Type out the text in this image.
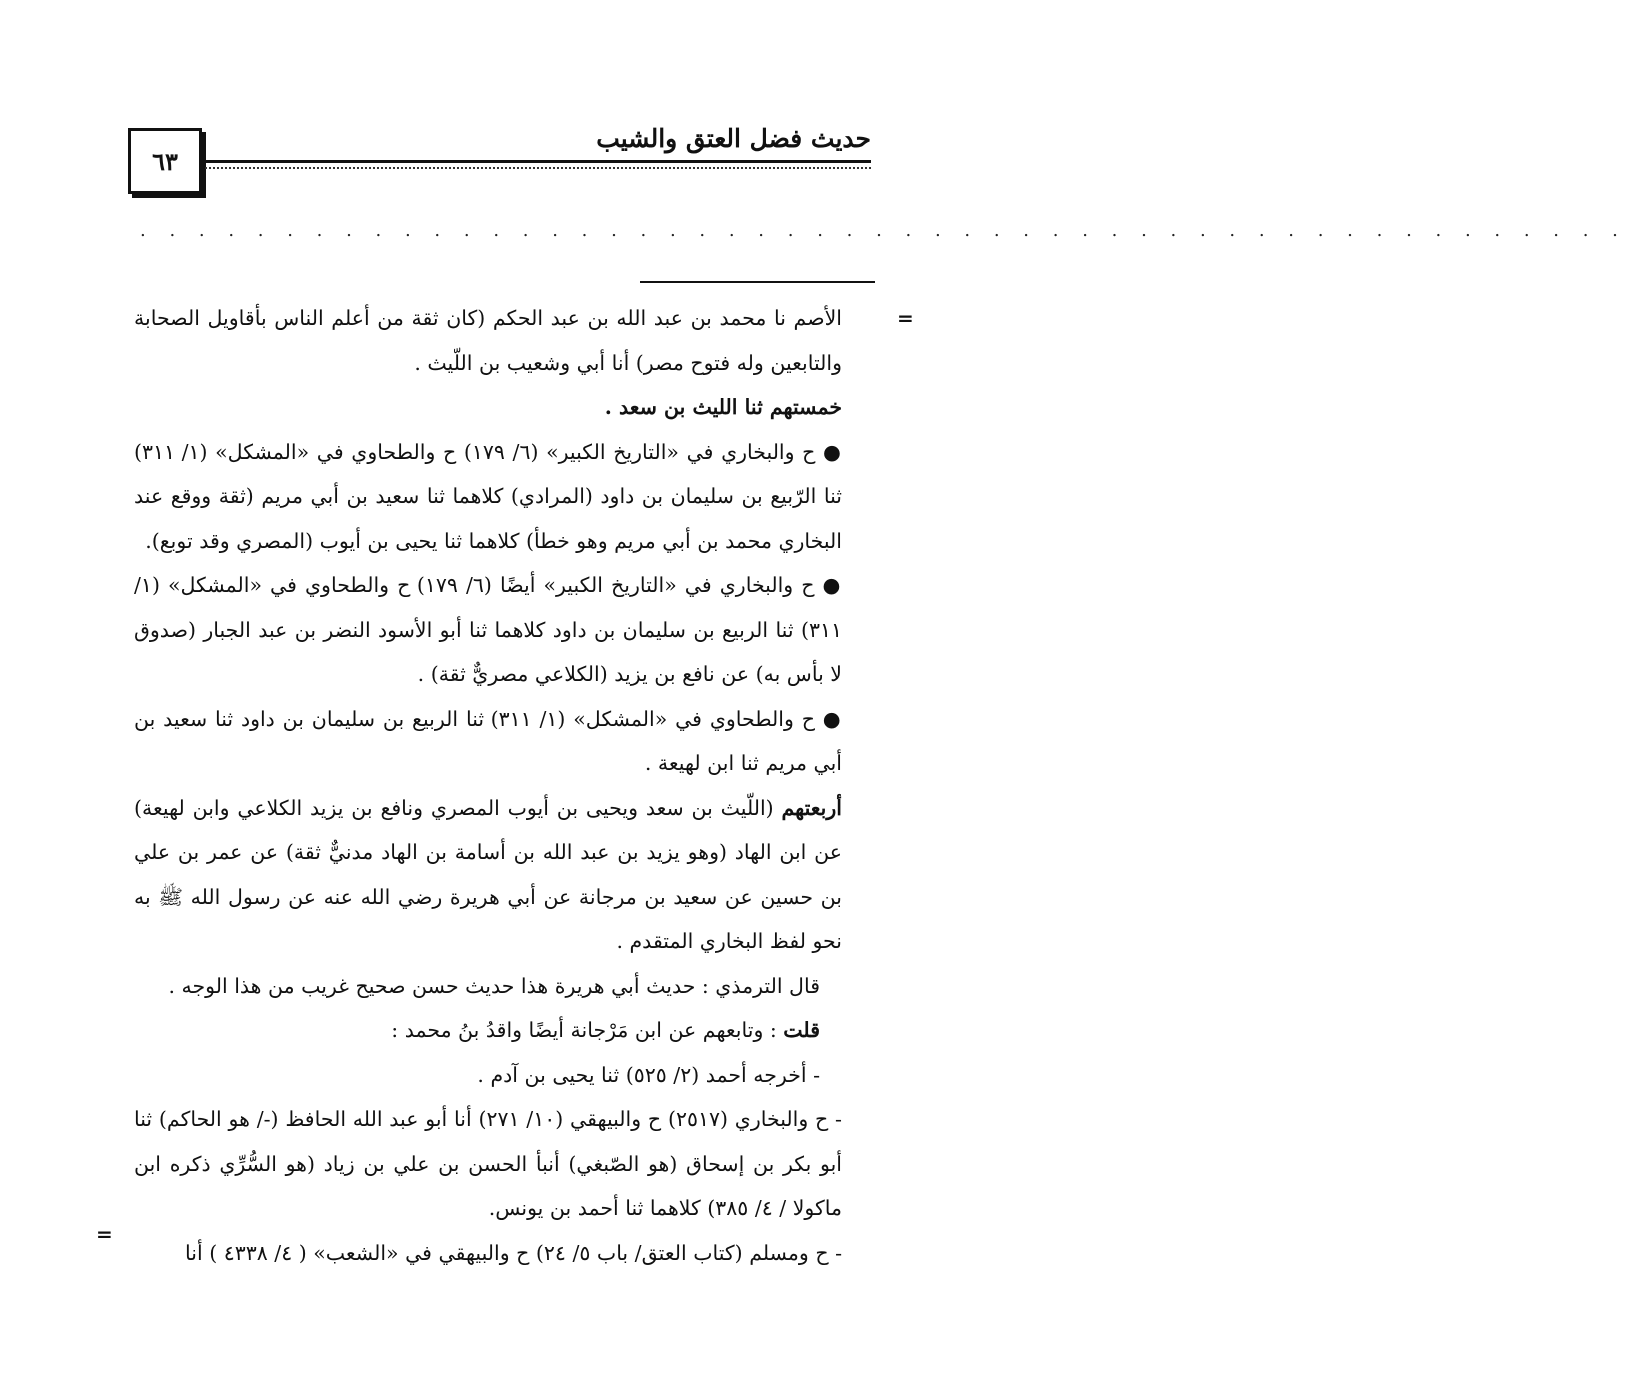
٦٣
حديث فضل العتق والشيب
. . . . . . . . . . . . . . . . . . . . . . . . . . . . . . . . . . . . . . . . . . . . . . . . . . .
=
=

الأصم نا محمد بن عبد الله بن عبد الحكم (كان ثقة من أعلم الناس بأقاويل الصحابة والتابعين وله فتوح مصر) أنا أبي وشعيب بن اللّيث .

خمستهم ثنا الليث بن سعد .

● ح والبخاري في «التاريخ الكبير» (٦/ ١٧٩) ح والطحاوي في «المشكل» (١/ ٣١١) ثنا الرّبيع بن سليمان بن داود (المرادي) كلاهما ثنا سعيد بن أبي مريم (ثقة ووقع عند البخاري محمد بن أبي مريم وهو خطأ) كلاهما ثنا يحيى بن أيوب (المصري وقد توبع).

● ح والبخاري في «التاريخ الكبير» أيضًا (٦/ ١٧٩) ح والطحاوي في «المشكل» (١/ ٣١١) ثنا الربيع بن سليمان بن داود كلاهما ثنا أبو الأسود النضر بن عبد الجبار (صدوق لا بأس به) عن نافع بن يزيد (الكلاعي مصريٌّ ثقة) .

● ح والطحاوي في «المشكل» (١/ ٣١١) ثنا الربيع بن سليمان بن داود ثنا سعيد بن أبي مريم ثنا ابن لهيعة .

أربعتهم (اللّيث بن سعد ويحيى بن أيوب المصري ونافع بن يزيد الكلاعي وابن لهيعة) عن ابن الهاد (وهو يزيد بن عبد الله بن أسامة بن الهاد مدنيٌّ ثقة) عن عمر بن علي بن حسين عن سعيد بن مرجانة عن أبي هريرة رضي الله عنه عن رسول الله ﷺ به نحو لفظ البخاري المتقدم .

قال الترمذي : حديث أبي هريرة هذا حديث حسن صحيح غريب من هذا الوجه .

قلت : وتابعهم عن ابن مَرْجانة أيضًا واقدُ بنُ محمد :

- أخرجه أحمد (٢/ ٥٢٥) ثنا يحيى بن آدم .

- ح والبخاري (٢٥١٧) ح والبيهقي (١٠/ ٢٧١) أنا أبو عبد الله الحافظ (-/ هو الحاكم) ثنا أبو بكر بن إسحاق (هو الصّبغي) أنبأ الحسن بن علي بن زياد (هو السُّرِّي ذكره ابن ماكولا / ٤/ ٣٨٥) كلاهما ثنا أحمد بن يونس.

- ح ومسلم (كتاب العتق/ باب ٥/ ٢٤) ح والبيهقي في «الشعب» ( ٤/ ٤٣٣٨ ) أنا
